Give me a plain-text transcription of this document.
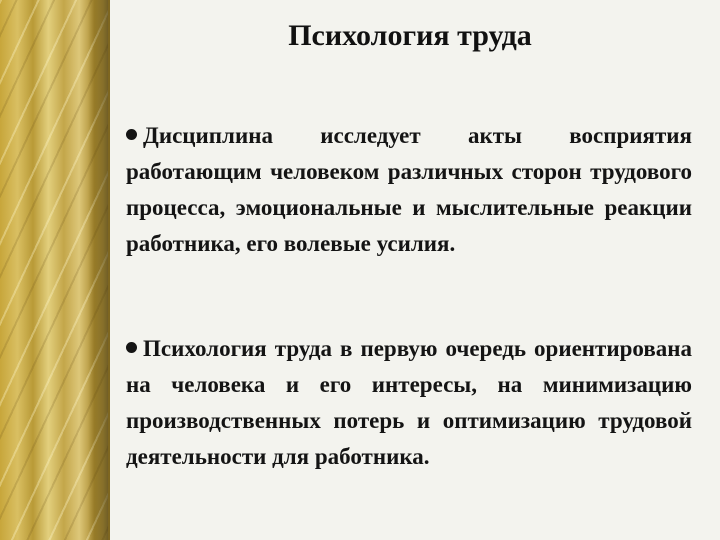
Психология труда

Дисциплина исследует акты восприятия работающим человеком различных сторон трудового процесса, эмоциональные и мыслительные реакции работника, его волевые усилия.

Психология труда в первую очередь ориентирована на человека и его интересы, на минимизацию производственных потерь и оптимизацию трудовой деятельности для работника.
